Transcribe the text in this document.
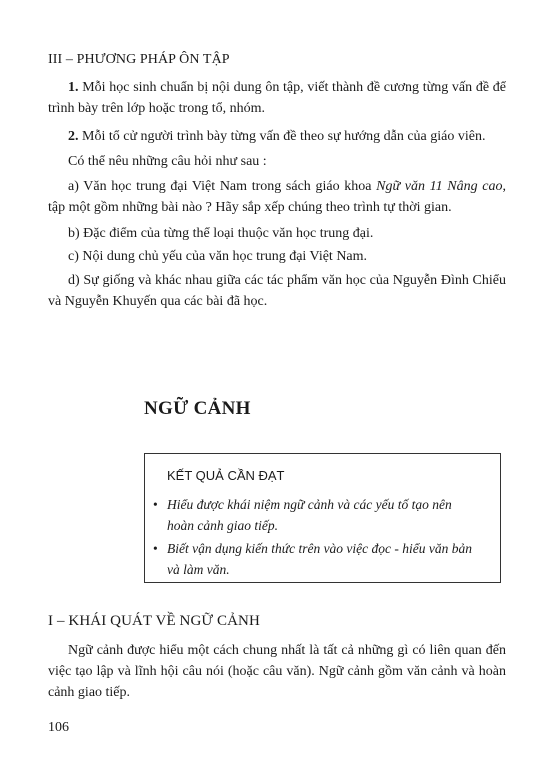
III – PHƯƠNG PHÁP ÔN TẬP
1. Mỗi học sinh chuẩn bị nội dung ôn tập, viết thành đề cương từng vấn đề để trình bày trên lớp hoặc trong tổ, nhóm.
2. Mỗi tổ cử người trình bày từng vấn đề theo sự hướng dẫn của giáo viên.
Có thể nêu những câu hỏi như sau :
a) Văn học trung đại Việt Nam trong sách giáo khoa Ngữ văn 11 Nâng cao, tập một gồm những bài nào ? Hãy sắp xếp chúng theo trình tự thời gian.
b) Đặc điểm của từng thể loại thuộc văn học trung đại.
c) Nội dung chủ yếu của văn học trung đại Việt Nam.
d) Sự giống và khác nhau giữa các tác phẩm văn học của Nguyễn Đình Chiểu và Nguyễn Khuyến qua các bài đã học.
NGỮ CẢNH
KẾT QUẢ CẦN ĐẠT
• Hiểu được khái niệm ngữ cảnh và các yếu tố tạo nên
hoàn cảnh giao tiếp.
• Biết vận dụng kiến thức trên vào việc đọc - hiểu văn bản
và làm văn.
I – KHÁI QUÁT VỀ NGỮ CẢNH
Ngữ cảnh được hiểu một cách chung nhất là tất cả những gì có liên quan đến việc tạo lập và lĩnh hội câu nói (hoặc câu văn). Ngữ cảnh gồm văn cảnh và hoàn cảnh giao tiếp.
106
